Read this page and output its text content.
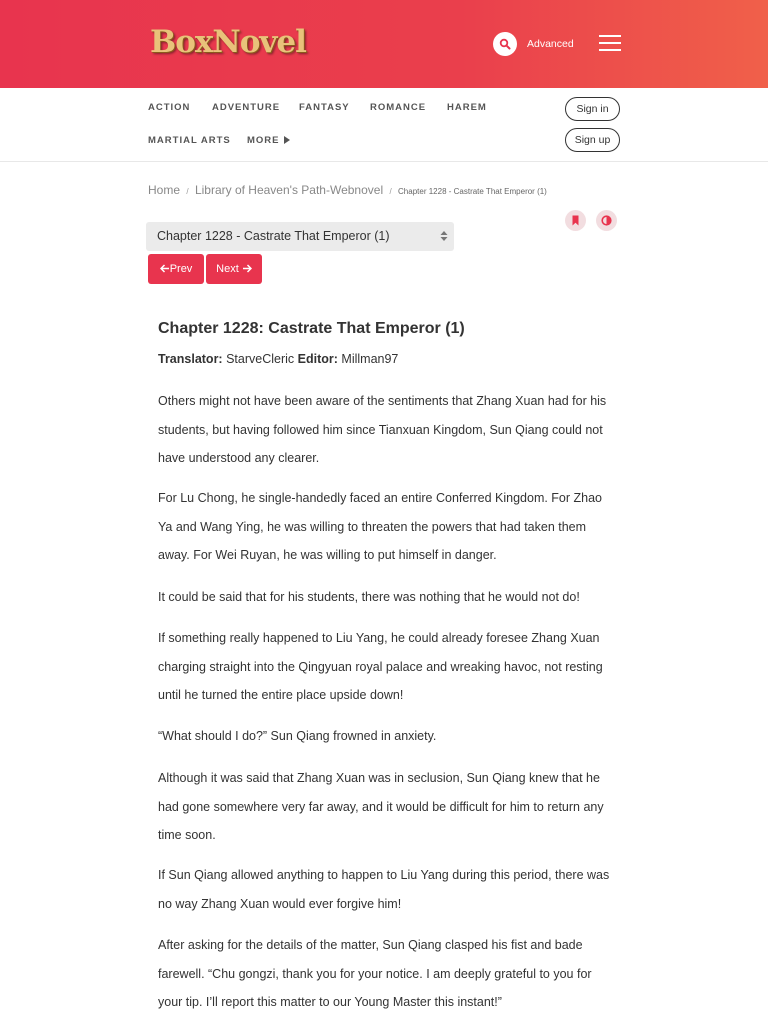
BoxNovel	Advanced
ACTION ADVENTURE FANTASY ROMANCE HAREM
MARTIAL ARTS MORE
Sign in
Sign up
Home / Library of Heaven's Path-Webnovel / Chapter 1228 - Castrate That Emperor (1)
Chapter 1228 - Castrate That Emperor (1)
Prev	Next
Chapter 1228: Castrate That Emperor (1)
Translator: StarveCleric Editor: Millman97

Others might not have been aware of the sentiments that Zhang Xuan had for his students, but having followed him since Tianxuan Kingdom, Sun Qiang could not have understood any clearer.

For Lu Chong, he single-handedly faced an entire Conferred Kingdom. For Zhao Ya and Wang Ying, he was willing to threaten the powers that had taken them away. For Wei Ruyan, he was willing to put himself in danger.

It could be said that for his students, there was nothing that he would not do!

If something really happened to Liu Yang, he could already foresee Zhang Xuan charging straight into the Qingyuan royal palace and wreaking havoc, not resting until he turned the entire place upside down!

“What should I do?” Sun Qiang frowned in anxiety.

Although it was said that Zhang Xuan was in seclusion, Sun Qiang knew that he had gone somewhere very far away, and it would be difficult for him to return any time soon.

If Sun Qiang allowed anything to happen to Liu Yang during this period, there was no way Zhang Xuan would ever forgive him!

After asking for the details of the matter, Sun Qiang clasped his fist and bade farewell. “Chu gongzi, thank you for your notice. I am deeply grateful to you for your tip. I’ll report this matter to our Young Master this instant!”
